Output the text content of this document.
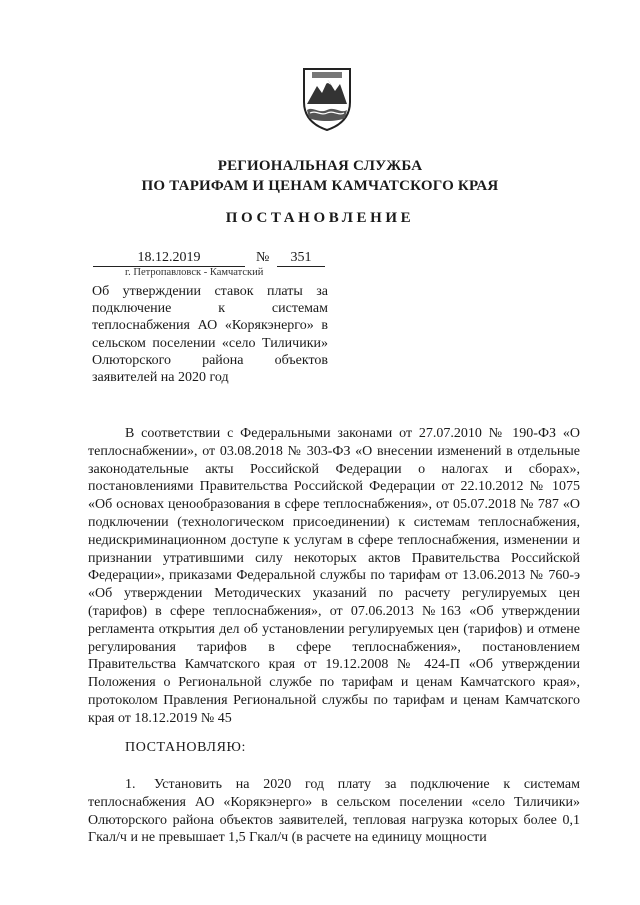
РЕГИОНАЛЬНАЯ СЛУЖБА
ПО ТАРИФАМ И ЦЕНАМ КАМЧАТСКОГО КРАЯ
ПОСТАНОВЛЕНИЕ
18.12.2019	№	351
г. Петропавловск - Камчатский
Об утверждении ставок платы за подключение к системам теплоснабжения АО «Корякэнерго» в сельском поселении «село Тиличики» Олюторского района объектов заявителей на 2020 год
В соответствии с Федеральными законами от 27.07.2010 № 190-ФЗ «О теплоснабжении», от 03.08.2018 № 303-ФЗ «О внесении изменений в отдельные законодательные акты Российской Федерации о налогах и сборах», постановлениями Правительства Российской Федерации от 22.10.2012 № 1075 «Об основах ценообразования в сфере теплоснабжения», от 05.07.2018 № 787 «О подключении (технологическом присоединении) к системам теплоснабжения, недискриминационном доступе к услугам в сфере теплоснабжения, изменении и признании утратившими силу некоторых актов Правительства Российской Федерации», приказами Федеральной службы по тарифам от 13.06.2013 № 760-э «Об утверждении Методических указаний по расчету регулируемых цен (тарифов) в сфере теплоснабжения», от 07.06.2013 №163 «Об утверждении регламента открытия дел об установлении регулируемых цен (тарифов) и отмене регулирования тарифов в сфере теплоснабжения», постановлением Правительства Камчатского края от 19.12.2008 № 424-П «Об утверждении Положения о Региональной службе по тарифам и ценам Камчатского края», протоколом Правления Региональной службы по тарифам и ценам Камчатского края от 18.12.2019 № 45
ПОСТАНОВЛЯЮ:
1. Установить на 2020 год плату за подключение к системам теплоснабжения АО «Корякэнерго» в сельском поселении «село Тиличики» Олюторского района объектов заявителей, тепловая нагрузка которых более 0,1 Гкал/ч и не превышает 1,5 Гкал/ч (в расчете на единицу мощности
